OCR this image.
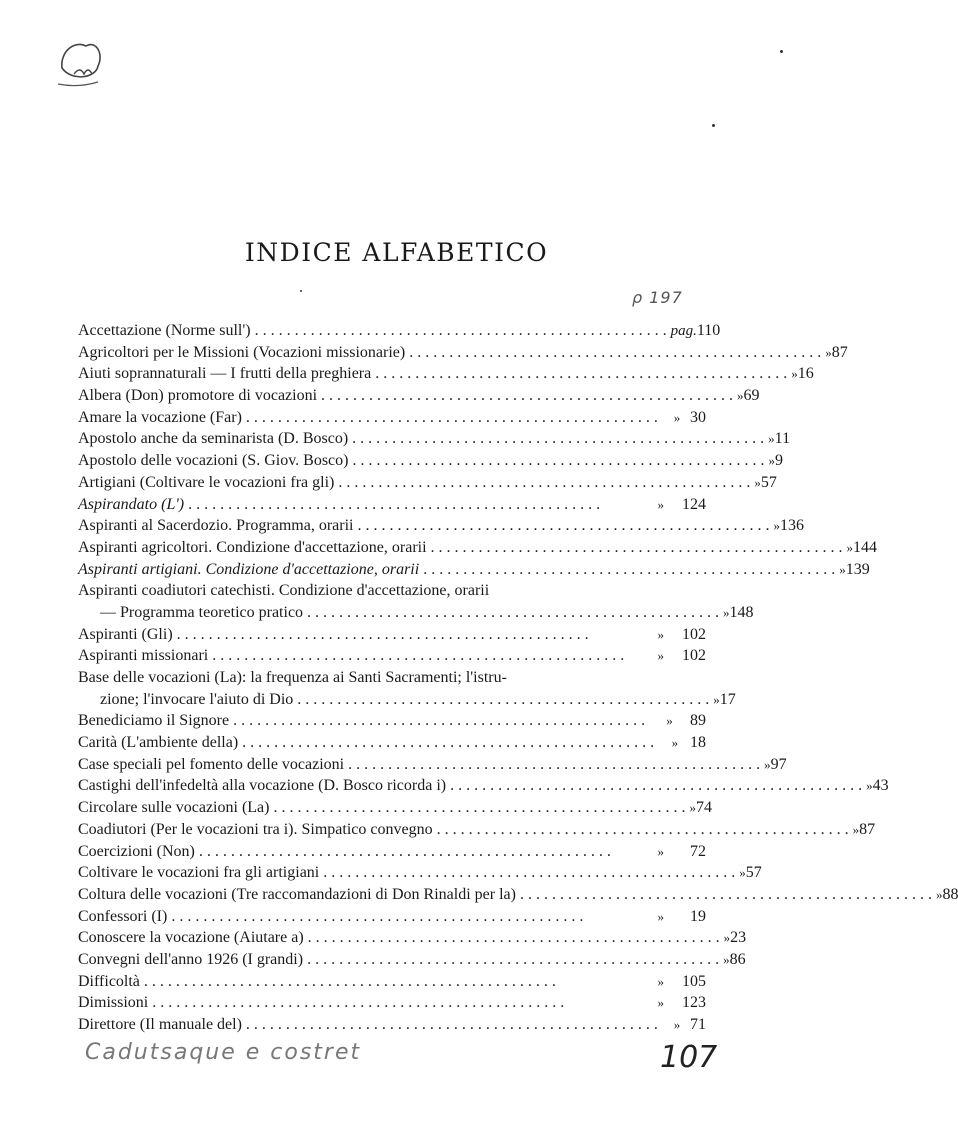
INDICE ALFABETICO
ρ 197
Accettazione (Norme sull') . . .	pag. 110
Agricoltori per le Missioni (Vocazioni missionarie) . . .	» 87
Aiuti soprannaturali — I frutti della preghiera . . .	» 16
Albera (Don) promotore di vocazioni . . .	» 69
Amare la vocazione (Far) . . .	» 30
Apostolo anche da seminarista (D. Bosco) . . .	» 11
Apostolo delle vocazioni (S. Giov. Bosco) . . .	» 9
Artigiani (Coltivare le vocazioni fra gli) . . .	» 57
Aspirandato (L') . . .	»	124
Aspiranti al Sacerdozio. Programma, orarii . . .	» 136
Aspiranti agricoltori. Condizione d'accettazione, orarii . . .	» 144
Aspiranti artigiani. Condizione d'accettazione, orarii . . .	» 139
Aspiranti coadiutori catechisti. Condizione d'accettazione, orarii
— Programma teoretico pratico . . .	» 148
Aspiranti (Gli) . . .	»	102
Aspiranti missionari . . .	»	102
Base delle vocazioni (La): la frequenza ai Santi Sacramenti; l'istru-
zione; l'invocare l'aiuto di Dio . . .	» 17
Benediciamo il Signore . . .	»	89
Carità (L'ambiente della) . . .	» 18
Case speciali pel fomento delle vocazioni . . .	» 97
Castighi dell'infedeltà alla vocazione (D. Bosco ricorda i) . . .	» 43
Circolare sulle vocazioni (La) . . .	» 74
Coadiutori (Per le vocazioni tra i). Simpatico convegno . . .	» 87
Coercizioni (Non) . . .	»	72
Coltivare le vocazioni fra gli artigiani . . .	» 57
Coltura delle vocazioni (Tre raccomandazioni di Don Rinaldi per la) . . .	» 88
Confessori (I) . . .	»	19
Conoscere la vocazione (Aiutare a) . . .	» 23
Convegni dell'anno 1926 (I grandi) . . .	» 86
Difficoltà . . .	»	105
Dimissioni . . .	»	123
Direttore (Il manuale del) . . .	» 71
Cadutsaque e costret	107
